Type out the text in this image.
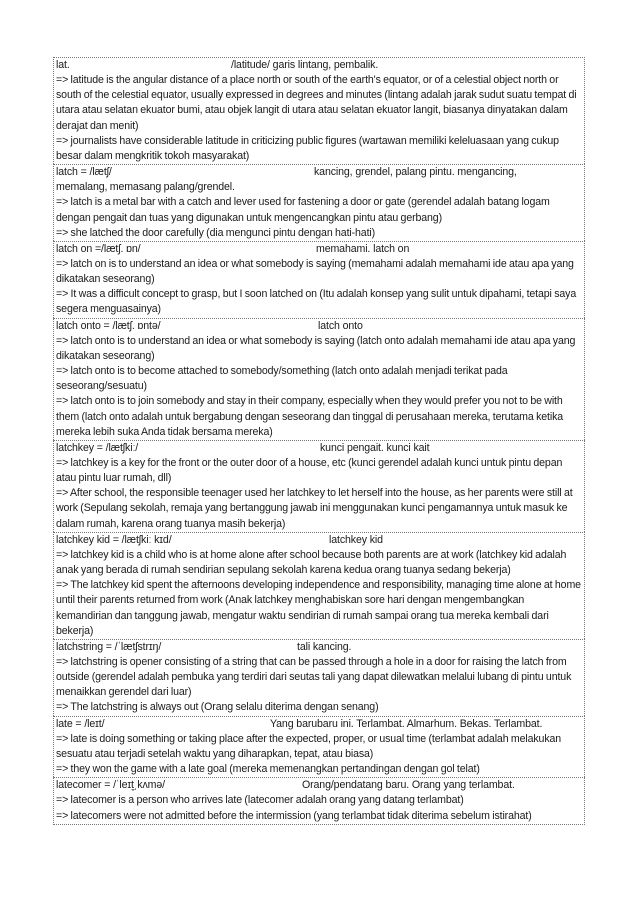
lat.	/latitude/ garis lintang, pembalik.
=> latitude is the angular distance of a place north or south of the earth's equator, or of a celestial object north or south of the celestial equator, usually expressed in degrees and minutes (lintang adalah jarak sudut suatu tempat di utara atau selatan ekuator bumi, atau objek langit di utara atau selatan ekuator langit, biasanya dinyatakan dalam derajat dan menit)
=> journalists have considerable latitude in criticizing public figures (wartawan memiliki keleluasaan yang cukup besar dalam mengkritik tokoh masyarakat)
latch = /lætʃ/	kancing, grendel, palang pintu. mengancing,
memalang, memasang palang/grendel.
=> latch is a metal bar with a catch and lever used for fastening a door or gate (gerendel adalah batang logam dengan pengait dan tuas yang digunakan untuk mengencangkan pintu atau gerbang)
=> she latched the door carefully (dia mengunci pintu dengan hati-hati)
latch on =/lætʃ. ɒn/	memahami. latch on
=> latch on is to understand an idea or what somebody is saying (memahami adalah memahami ide atau apa yang dikatakan seseorang)
=> It was a difficult concept to grasp, but I soon latched on (Itu adalah konsep yang sulit untuk dipahami, tetapi saya segera menguasainya)
latch onto = /lætʃ. ɒntə/	latch onto
=> latch onto is to understand an idea or what somebody is saying (latch onto adalah memahami ide atau apa yang dikatakan seseorang)
=> latch onto is to become attached to somebody/something (latch onto adalah menjadi terikat pada seseorang/sesuatu)
=> latch onto is to join somebody and stay in their company, especially when they would prefer you not to be with them (latch onto adalah untuk bergabung dengan seseorang dan tinggal di perusahaan mereka, terutama ketika mereka lebih suka Anda tidak bersama mereka)
latchkey = /lætʃkiː/	kunci pengait. kunci kait
=> latchkey is a key for the front or the outer door of a house, etc (kunci gerendel adalah kunci untuk pintu depan atau pintu luar rumah, dll)
=> After school, the responsible teenager used her latchkey to let herself into the house, as her parents were still at work (Sepulang sekolah, remaja yang bertanggung jawab ini menggunakan kunci pengamannya untuk masuk ke dalam rumah, karena orang tuanya masih bekerja)
latchkey kid = /lætʃkiː kɪd/	latchkey kid
=> latchkey kid is a child who is at home alone after school because both parents are at work (latchkey kid adalah anak yang berada di rumah sendirian sepulang sekolah karena kedua orang tuanya sedang bekerja)
=> The latchkey kid spent the afternoons developing independence and responsibility, managing time alone at home until their parents returned from work (Anak latchkey menghabiskan sore hari dengan mengembangkan kemandirian dan tanggung jawab, mengatur waktu sendirian di rumah sampai orang tua mereka kembali dari bekerja)
latchstring = /ˈlætʃstrɪŋ/	tali kancing.
=> latchstring is opener consisting of a string that can be passed through a hole in a door for raising the latch from outside (gerendel adalah pembuka yang terdiri dari seutas tali yang dapat dilewatkan melalui lubang di pintu untuk menaikkan gerendel dari luar)
=> The latchstring is always out (Orang selalu diterima dengan senang)
late = /leɪt/	Yang barubaru ini. Terlambat. Almarhum. Bekas. Terlambat.
=> late is doing something or taking place after the expected, proper, or usual time (terlambat adalah melakukan sesuatu atau terjadi setelah waktu yang diharapkan, tepat, atau biasa)
=> they won the game with a late goal (mereka memenangkan pertandingan dengan gol telat)
latecomer = /ˈleɪt̬ˌkʌmə/	Orang/pendatang baru. Orang yang terlambat.
=> latecomer is a person who arrives late (latecomer adalah orang yang datang terlambat)
=> latecomers were not admitted before the intermission (yang terlambat tidak diterima sebelum istirahat)
